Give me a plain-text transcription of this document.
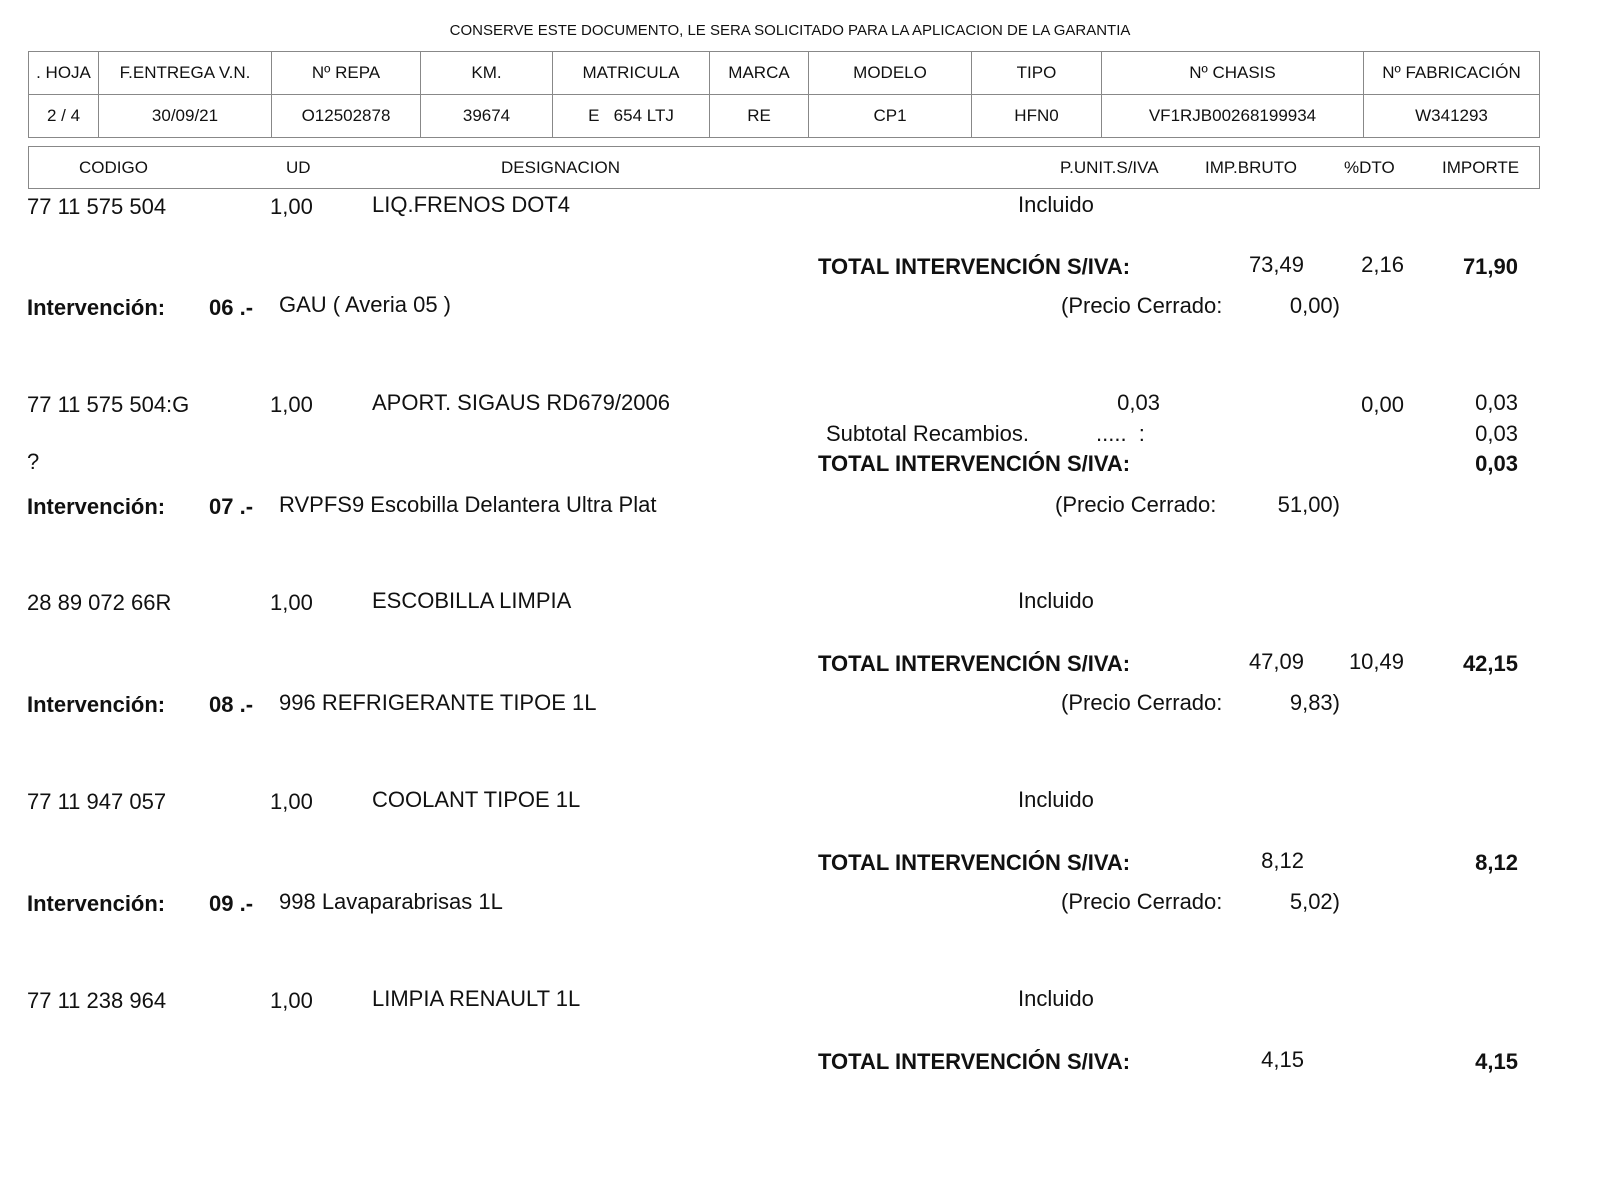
CONSERVE ESTE DOCUMENTO, LE SERA SOLICITADO PARA LA APLICACION DE LA GARANTIA
. HOJA	F.ENTREGA V.N.	Nº REPA	KM.	MATRICULA	MARCA	MODELO	TIPO	Nº CHASIS	Nº FABRICACIÓN
2 / 4	30/09/21	O12502878	39674	E   654 LTJ	RE	CP1	HFN0	VF1RJB00268199934	W341293
CODIGO	UD	DESIGNACION	P.UNIT.S/IVA	IMP.BRUTO	%DTO	IMPORTE
77 11 575 504	1,00	LIQ.FRENOS DOT4	Incluido
TOTAL INTERVENCIÓN S/IVA:	73,49	2,16	71,90
Intervención: 06 .- GAU ( Averia 05 )	(Precio Cerrado:	0,00)
77 11 575 504:G	1,00	APORT. SIGAUS RD679/2006	0,03	0,00	0,03
Subtotal Recambios.	.....  :	0,03
?	TOTAL INTERVENCIÓN S/IVA:	0,03
Intervención: 07 .- RVPFS9 Escobilla Delantera Ultra Plat	(Precio Cerrado:	51,00)
28 89 072 66R	1,00	ESCOBILLA LIMPIA	Incluido
TOTAL INTERVENCIÓN S/IVA:	47,09	10,49	42,15
Intervención: 08 .- 996 REFRIGERANTE TIPOE 1L	(Precio Cerrado:	9,83)
77 11 947 057	1,00	COOLANT TIPOE 1L	Incluido
TOTAL INTERVENCIÓN S/IVA:	8,12	8,12
Intervención: 09 .- 998 Lavaparabrisas 1L	(Precio Cerrado:	5,02)
77 11 238 964	1,00	LIMPIA RENAULT 1L	Incluido
TOTAL INTERVENCIÓN S/IVA:	4,15	4,15
